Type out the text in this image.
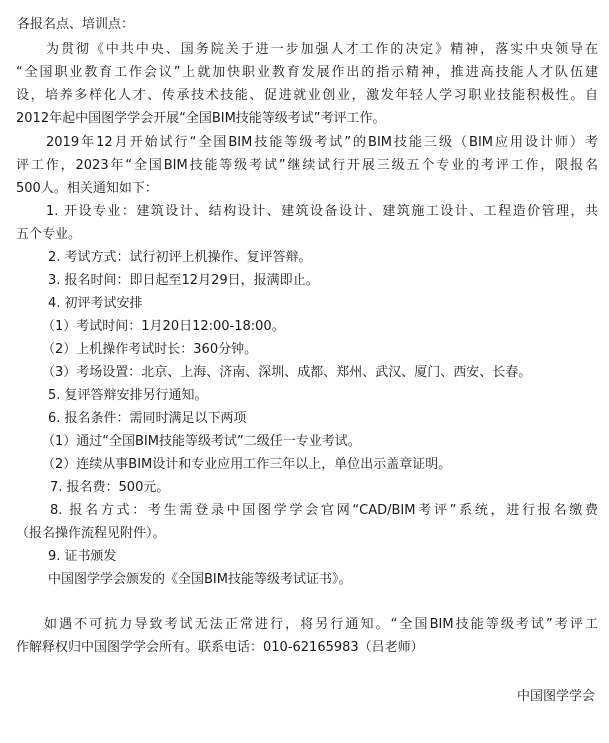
各报名点、培训点：
为贯彻《中共中央、国务院关于进一步加强人才工作的决定》精神，落实中央领导在
“全国职业教育工作会议”上就加快职业教育发展作出的指示精神，推进高技能人才队伍建
设，培养多样化人才、传承技术技能、促进就业创业，激发年轻人学习职业技能积极性。自
2012年起中国图学学会开展“全国BIM技能等级考试”考评工作。
2019年12月开始试行“全国BIM技能等级考试”的BIM技能三级（BIM应用设计师）考
评工作，2023年“全国BIM技能等级考试”继续试行开展三级五个专业的考评工作，限报名
500人。相关通知如下：
1. 开设专业：建筑设计、结构设计、建筑设备设计、建筑施工设计、工程造价管理，共
五个专业。
2. 考试方式：试行初评上机操作、复评答辩。
3. 报名时间：即日起至12月29日，报满即止。
4. 初评考试安排
（1）考试时间：1月20日12:00-18:00。
（2）上机操作考试时长：360分钟。
（3）考场设置：北京、上海、济南、深圳、成都、郑州、武汉、厦门、西安、长春。
5. 复评答辩安排另行通知。
6. 报名条件：需同时满足以下两项
（1）通过“全国BIM技能等级考试”二级任一专业考试。
（2）连续从事BIM设计和专业应用工作三年以上，单位出示盖章证明。
7. 报名费：500元。
8. 报名方式：考生需登录中国图学学会官网“CAD/BIM考评”系统，进行报名缴费
（报名操作流程见附件）。
9. 证书颁发
中国图学学会颁发的《全国BIM技能等级考试证书》。
如遇不可抗力导致考试无法正常进行，将另行通知。“全国BIM技能等级考试”考评工
作解释权归中国图学学会所有。联系电话：010-62165983（吕老师）
中国图学学会
